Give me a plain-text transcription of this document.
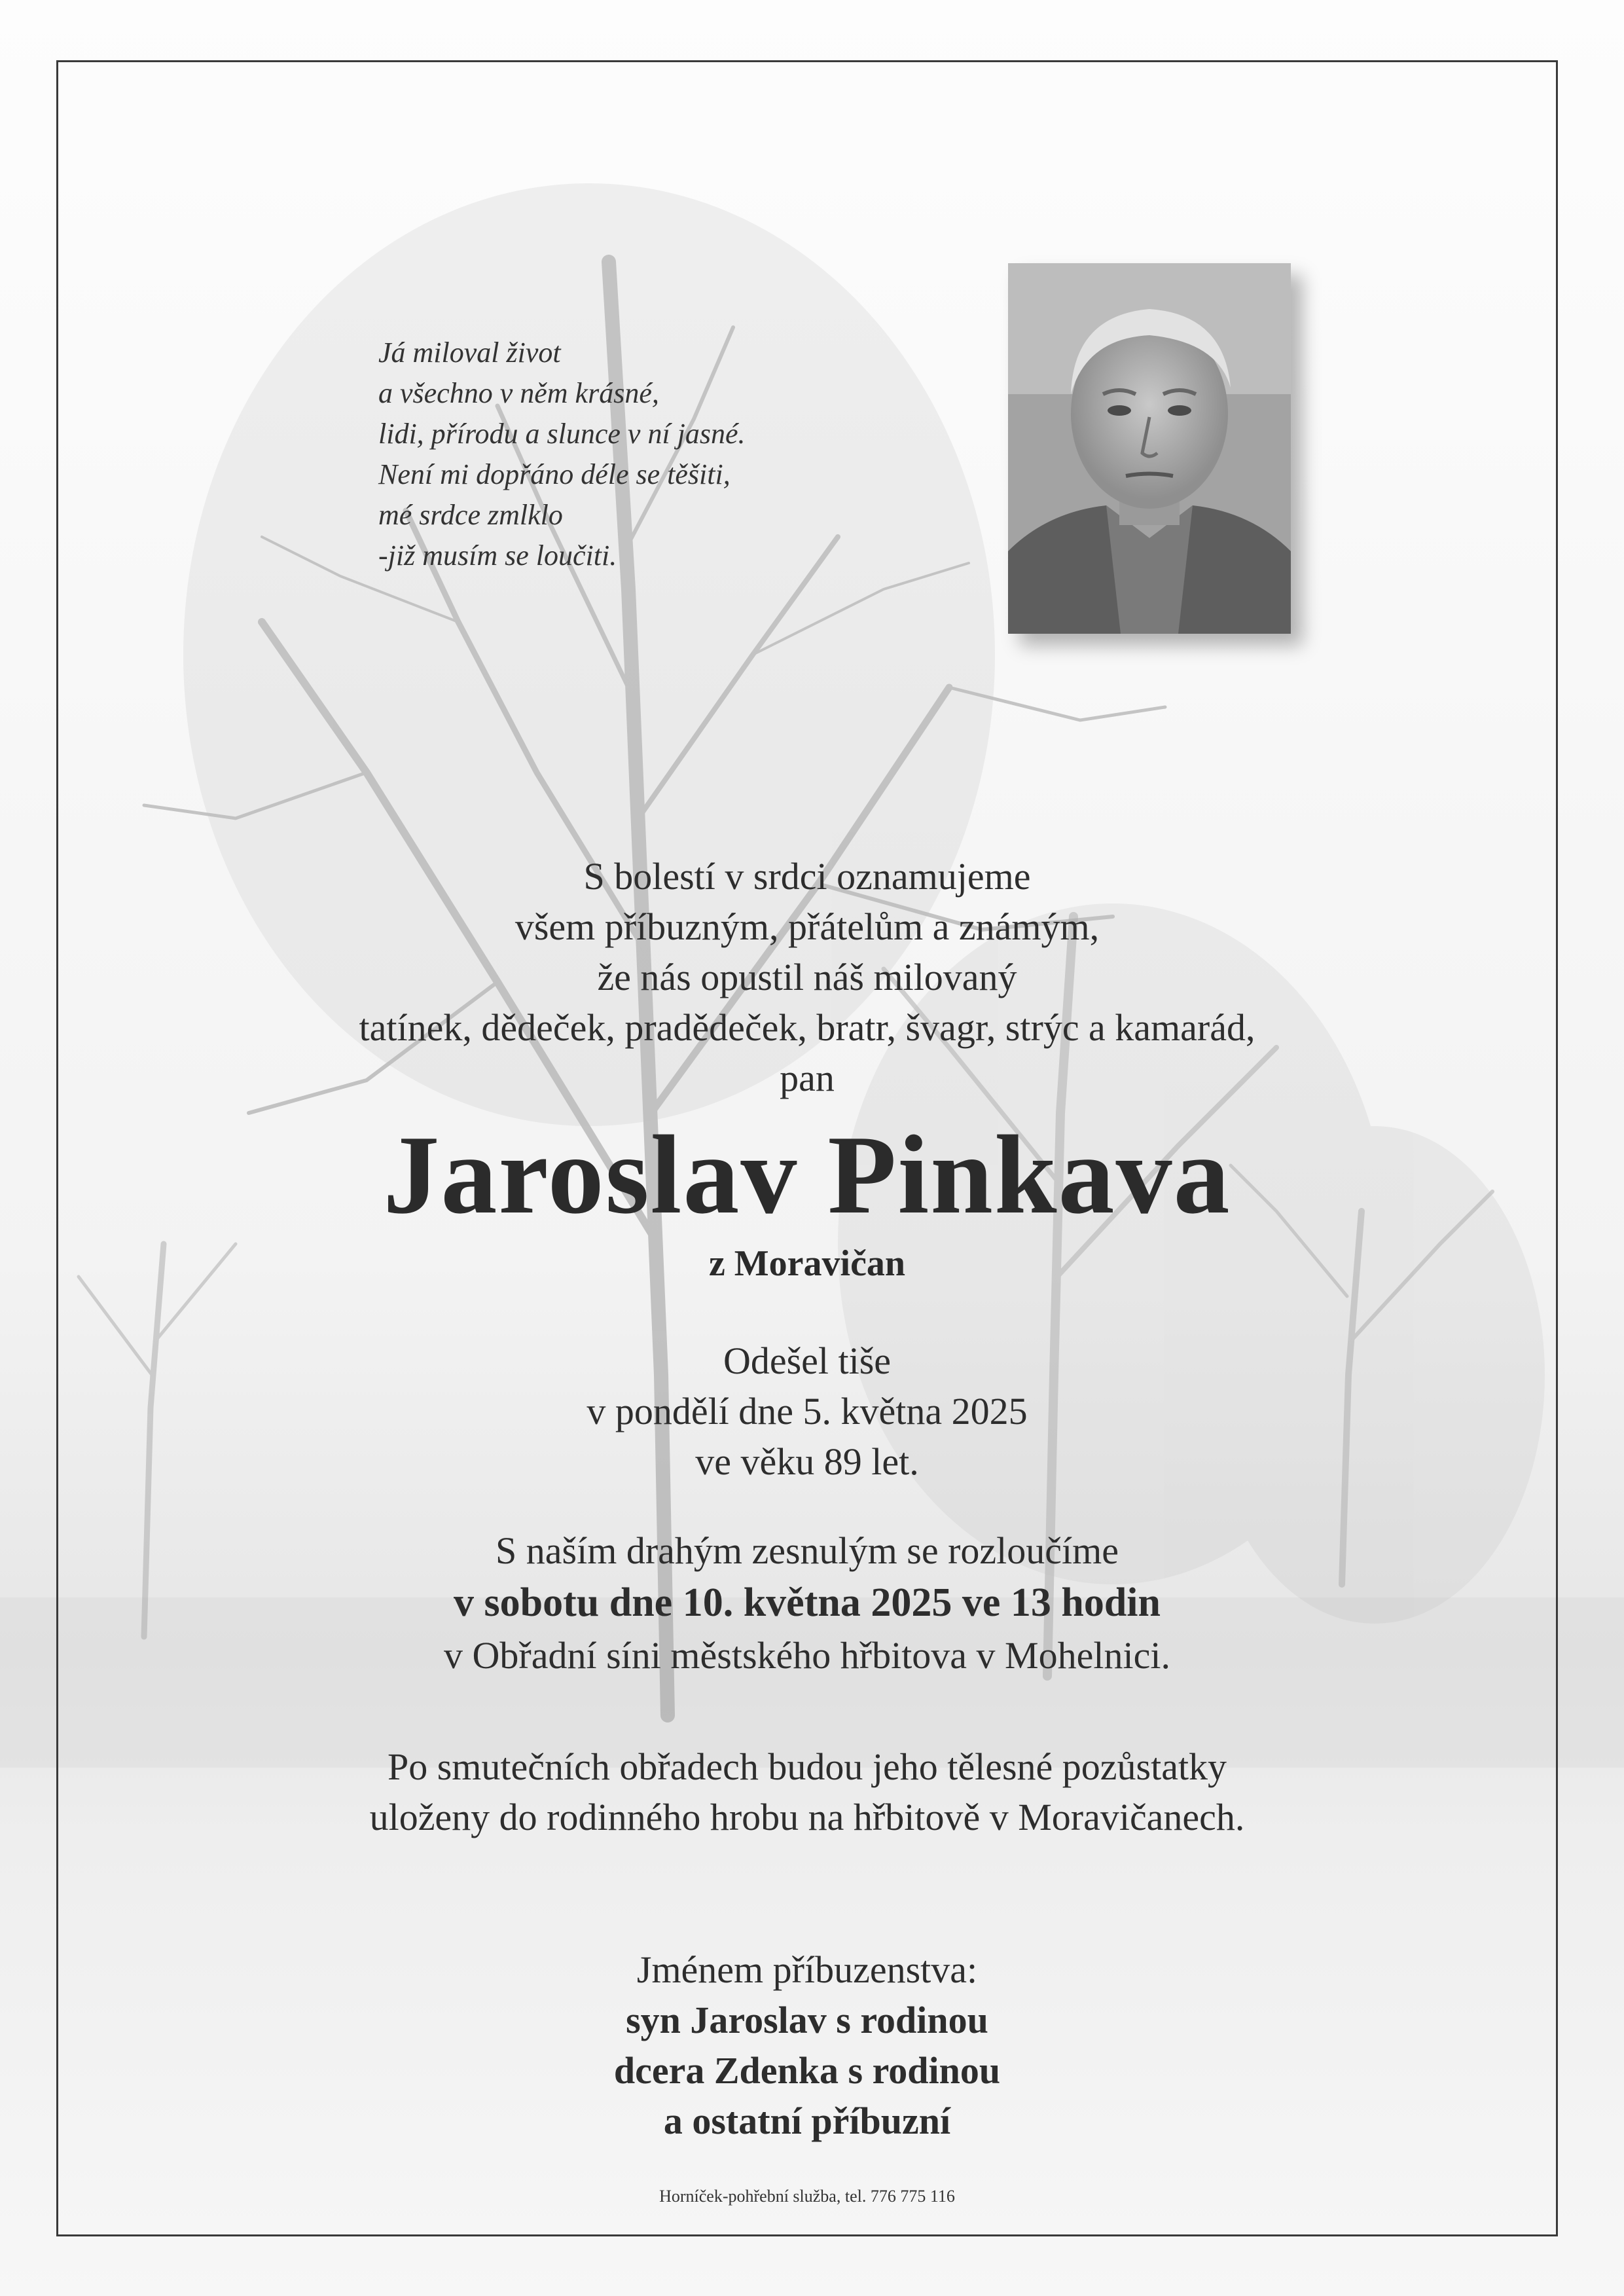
Já miloval život
a všechno v něm krásné,
lidi, přírodu a slunce v ní jasné.
Není mi dopřáno déle se těšiti,
mé srdce zmlklo
-již musím se loučiti.
S bolestí v srdci oznamujeme
všem příbuzným, přátelům a známým,
že nás opustil náš milovaný
tatínek, dědeček, pradědeček, bratr, švagr, strýc a kamarád,
pan
Jaroslav Pinkava
z Moravičan
Odešel tiše
v pondělí dne 5. května 2025
ve věku 89 let.
S naším drahým zesnulým se rozloučíme
v sobotu dne 10. května 2025 ve 13 hodin
v Obřadní síni městského hřbitova v Mohelnici.
Po smutečních obřadech budou jeho tělesné pozůstatky
uloženy do rodinného hrobu na hřbitově v Moravičanech.
Jménem příbuzenstva:
syn Jaroslav s rodinou
dcera Zdenka s rodinou
a ostatní příbuzní
Horníček-pohřební služba, tel. 776 775 116
